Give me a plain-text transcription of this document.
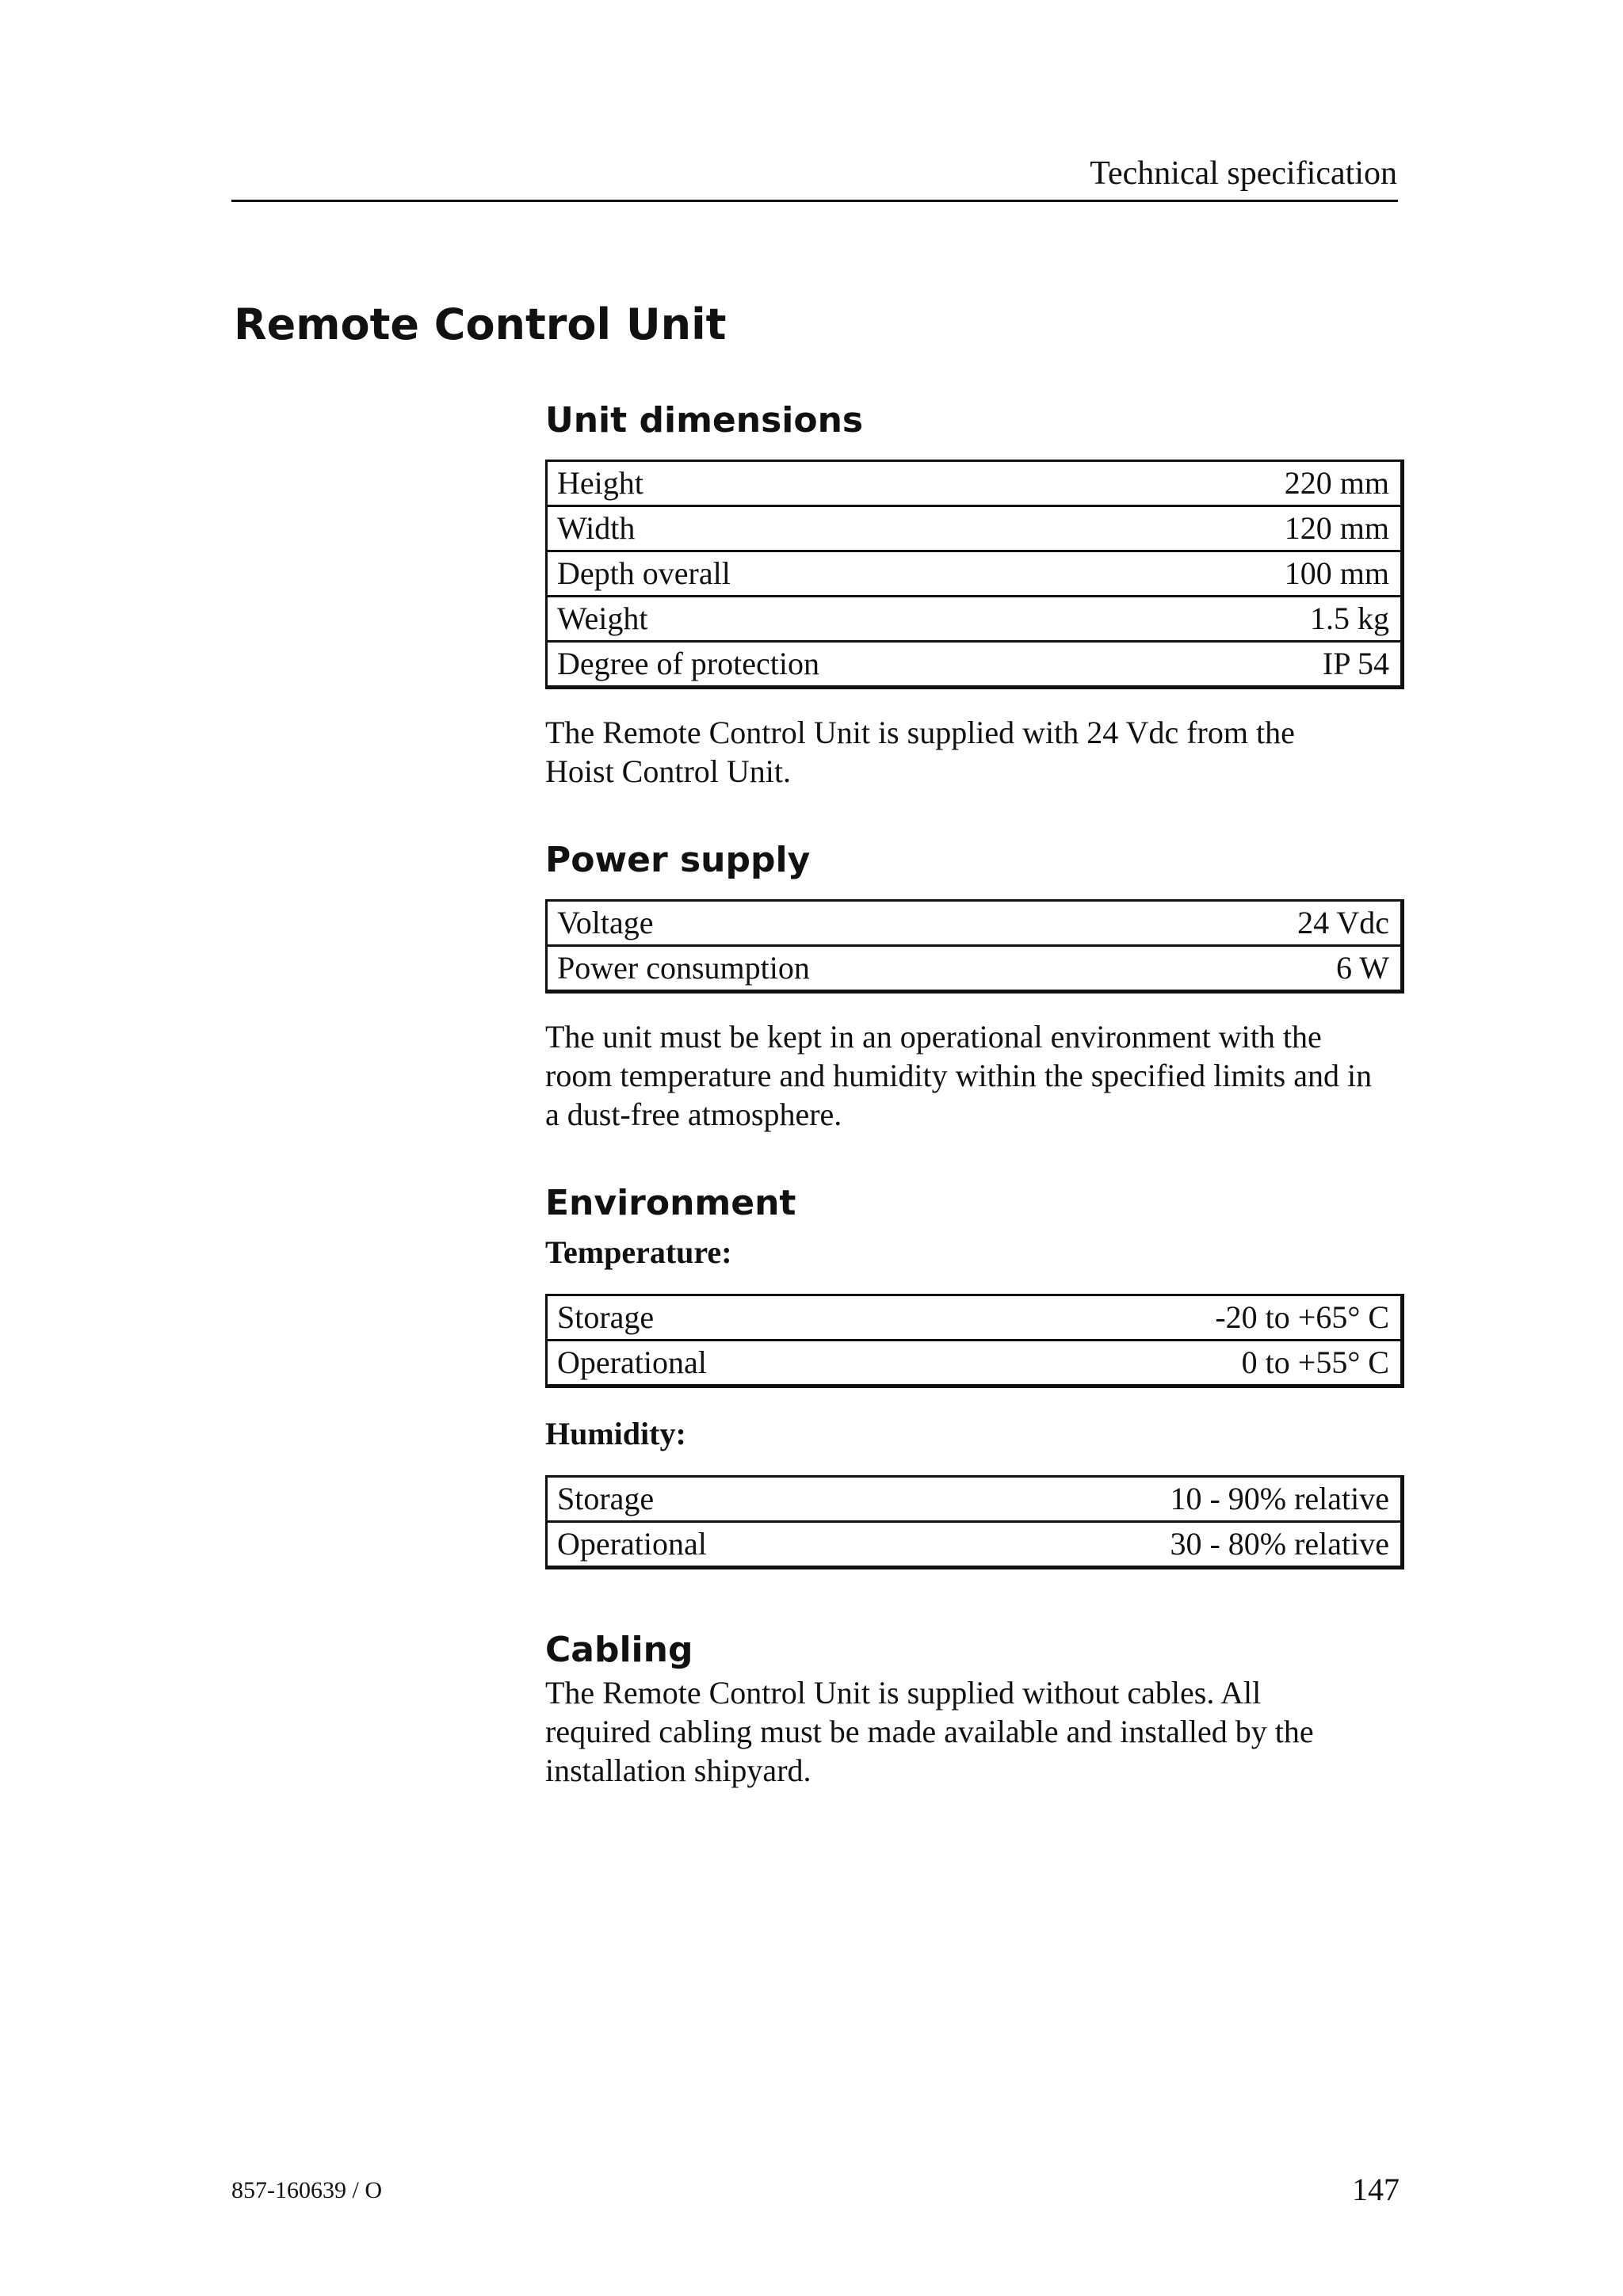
Technical specification
Remote Control Unit
Unit dimensions
Height	220 mm
Width	120 mm
Depth overall	100 mm
Weight	1.5 kg
Degree of protection	IP 54

The Remote Control Unit is supplied with 24 Vdc from the Hoist Control Unit.

Power supply
Voltage	24 Vdc
Power consumption	6 W

The unit must be kept in an operational environment with the room temperature and humidity within the specified limits and in a dust-free atmosphere.

Environment
Temperature:
Storage	-20 to +65° C
Operational	0 to +55° C
Humidity:
Storage	10 - 90% relative
Operational	30 - 80% relative
Cabling

The Remote Control Unit is supplied without cables. All required cabling must be made available and installed by the installation shipyard.

857-160639 / O	147
